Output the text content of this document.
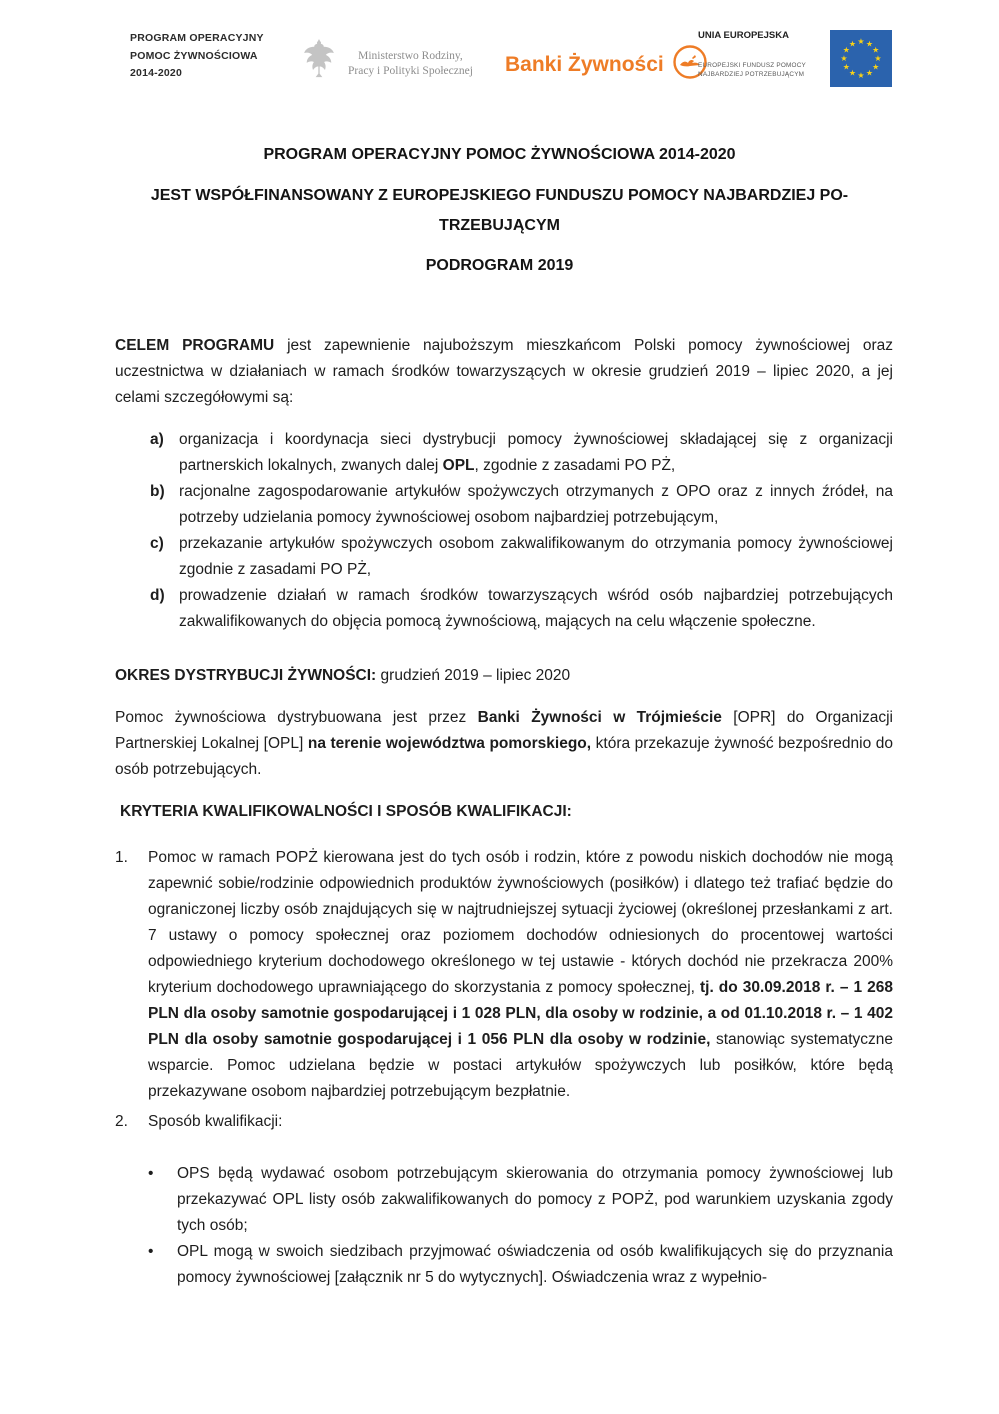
PROGRAM OPERACYJNY
POMOC ŻYWNOŚCIOWA
2014-2020
Ministerstwo Rodziny,
Pracy i Polityki Społecznej Banki Żywności
UNIA EUROPEJSKA
EUROPEJSKI FUNDUSZ POMOCY
NAJBARDZIEJ POTRZEBUJĄCYM
★ ★
★
★
★
★
★
★
★
★
★
★
PROGRAM OPERACYJNY POMOC ŻYWNOŚCIOWA 2014-2020
JEST WSPÓŁFINANSOWANY Z EUROPEJSKIEGO FUNDUSZU POMOCY NAJBARDZIEJ PO-
TRZEBUJĄCYM
PODROGRAM 2019

CELEM PROGRAMU jest zapewnienie najuboższym mieszkańcom Polski pomocy żywnościowej oraz uczestnictwa w działaniach w ramach środków towarzyszących w okresie grudzień 2019 – lipiec 2020, a jej celami szczegółowymi są:

a) organizacja i koordynacja sieci dystrybucji pomocy żywnościowej składającej się z organizacji partnerskich lokalnych, zwanych dalej OPL, zgodnie z zasadami PO PŻ,
b) racjonalne zagospodarowanie artykułów spożywczych otrzymanych z OPO oraz z innych źródeł, na potrzeby udzielania pomocy żywnościowej osobom najbardziej potrzebującym,
c) przekazanie artykułów spożywczych osobom zakwalifikowanym do otrzymania pomocy żywnościowej zgodnie z zasadami PO PŻ,
d) prowadzenie działań w ramach środków towarzyszących wśród osób najbardziej potrzebujących zakwalifikowanych do objęcia pomocą żywnościową, mających na celu włączenie społeczne.

OKRES DYSTRYBUCJI ŻYWNOŚCI: grudzień 2019 – lipiec 2020

Pomoc żywnościowa dystrybuowana jest przez Banki Żywności w Trójmieście [OPR] do Organizacji Partnerskiej Lokalnej [OPL] na terenie województwa pomorskiego, która przekazuje żywność bezpośrednio do osób potrzebujących.

KRYTERIA KWALIFIKOWALNOŚCI I SPOSÓB KWALIFIKACJI:

1.	Pomoc w ramach POPŻ kierowana jest do tych osób i rodzin, które z powodu niskich dochodów nie mogą zapewnić sobie/rodzinie odpowiednich produktów żywnościowych (posiłków) i dlatego też trafiać będzie do ograniczonej liczby osób znajdujących się w najtrudniejszej sytuacji życiowej (określonej przesłankami z art. 7 ustawy o pomocy społecznej oraz poziomem dochodów odniesionych do procentowej wartości odpowiedniego kryterium dochodowego określonego w tej ustawie - których dochód nie przekracza 200% kryterium dochodowego uprawniającego do skorzystania z pomocy społecznej, tj. do 30.09.2018 r. – 1 268 PLN dla osoby samotnie gospodarującej i 1 028 PLN, dla osoby w rodzinie, a od 01.10.2018 r. – 1 402 PLN dla osoby samotnie gospodarującej i 1 056 PLN dla osoby w rodzinie, stanowiąc systematyczne wsparcie. Pomoc udzielana będzie w postaci artykułów spożywczych lub posiłków, które będą przekazywane osobom najbardziej potrzebującym bezpłatnie.
2.	Sposób kwalifikacji:
•	OPS będą wydawać osobom potrzebującym skierowania do otrzymania pomocy żywnościowej lub przekazywać OPL listy osób zakwalifikowanych do pomocy z POPŻ, pod warunkiem uzyskania zgody tych osób;
•	OPL mogą w swoich siedzibach przyjmować oświadczenia od osób kwalifikujących się do przyznania pomocy żywnościowej [załącznik nr 5 do wytycznych]. Oświadczenia wraz z wypełnio-
